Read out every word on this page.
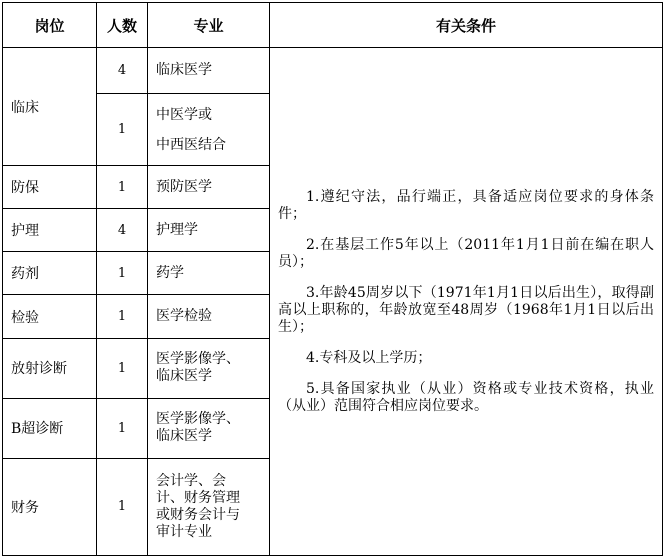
岗位	人数	专业	有关条件
临床	4	临床医学	1.遵纪守法，品行端正，具备适应岗位要求的身体条件；
2.在基层工作5年以上（2011年1月1日前在编在职人员）；
3.年龄45周岁以下（1971年1月1日以后出生），取得副高以上职称的，年龄放宽至48周岁（1968年1月1日以后出生）；
4.专科及以上学历；
5.具备国家执业（从业）资格或专业技术资格，执业（从业）范围符合相应岗位要求。

	1	中医学或
中西医结合	

防保	1	预防医学	
护理	4	护理学	
药剂	1	药学	
检验	1	医学检验	
放射诊断	1	医学影像学、
临床医学	

B超诊断	1	医学影像学、
临床医学	

财务	1	会计学、会
计、财务管理
或财务会计与
审计专业	
